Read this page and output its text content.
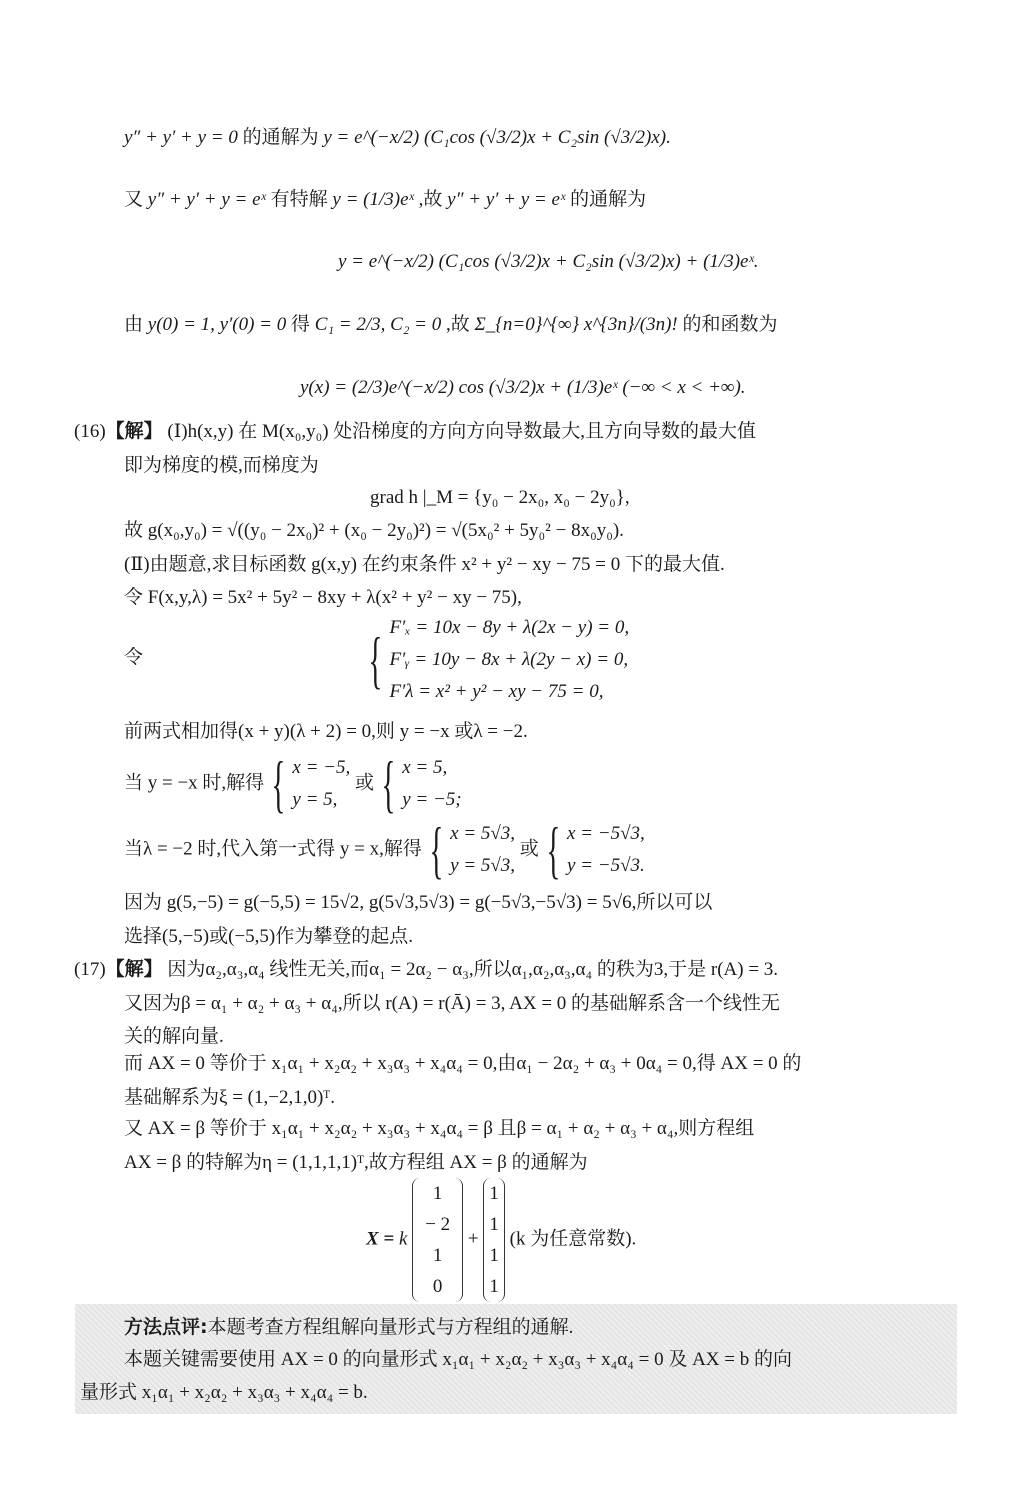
y″ + y′ + y = 0 的通解为 y = e^(−x/2) (C₁cos (√3/2)x + C₂sin (√3/2)x).
又 y″ + y′ + y = eˣ 有特解 y = (1/3)eˣ ,故 y″ + y′ + y = eˣ 的通解为
y = e^(−x/2) (C₁cos (√3/2)x + C₂sin (√3/2)x) + (1/3)eˣ.
由 y(0) = 1, y′(0) = 0 得 C₁ = 2/3, C₂ = 0 ,故 Σ_{n=0}^{∞} x^{3n}/(3n)! 的和函数为
y(x) = (2/3)e^(−x/2) cos (√3/2)x + (1/3)eˣ (−∞ < x < +∞).
(16)【解】 (Ⅰ)h(x,y) 在 M(x₀,y₀) 处沿梯度的方向方向导数最大,且方向导数的最大值
即为梯度的模,而梯度为
grad h |_M = {y₀ − 2x₀, x₀ − 2y₀},
故 g(x₀,y₀) = √((y₀ − 2x₀)² + (x₀ − 2y₀)²) = √(5x₀² + 5y₀² − 8x₀y₀).
(Ⅱ)由题意,求目标函数 g(x,y) 在约束条件 x² + y² − xy − 75 = 0 下的最大值.
令 F(x,y,λ) = 5x² + 5y² − 8xy + λ(x² + y² − xy − 75),
令	{ F′ₓ = 10x − 8y + λ(2x − y) = 0,
F′ᵧ = 10y − 8x + λ(2y − x) = 0,
F′λ = x² + y² − xy − 75 = 0,
前两式相加得(x + y)(λ + 2) = 0,则 y = −x 或λ = −2.
当 y = −x 时,解得 { x = −5,
y = 5,
或 { x = 5,
y = −5;
当λ = −2 时,代入第一式得 y = x,解得 { x = 5√3,
y = 5√3,
或 { x = −5√3,
y = −5√3.
因为 g(5,−5) = g(−5,5) = 15√2, g(5√3,5√3) = g(−5√3,−5√3) = 5√6,所以可以
选择(5,−5)或(−5,5)作为攀登的起点.
(17)【解】 因为α₂,α₃,α₄ 线性无关,而α₁ = 2α₂ − α₃,所以α₁,α₂,α₃,α₄ 的秩为3,于是 r(A) = 3.
又因为β = α₁ + α₂ + α₃ + α₄,所以 r(A) = r(Ā) = 3, AX = 0 的基础解系含一个线性无
关的解向量.
而 AX = 0 等价于 x₁α₁ + x₂α₂ + x₃α₃ + x₄α₄ = 0,由α₁ − 2α₂ + α₃ + 0α₄ = 0,得 AX = 0 的
基础解系为ξ = (1,−2,1,0)ᵀ.
又 AX = β 等价于 x₁α₁ + x₂α₂ + x₃α₃ + x₄α₄ = β 且β = α₁ + α₂ + α₃ + α₄,则方程组
AX = β 的特解为η = (1,1,1,1)ᵀ,故方程组 AX = β 的通解为
X = k
1
− 2
1
0
+
1
1
1
1
(k 为任意常数).
方法点评:本题考查方程组解向量形式与方程组的通解.
本题关键需要使用 AX = 0 的向量形式 x₁α₁ + x₂α₂ + x₃α₃ + x₄α₄ = 0 及 AX = b 的向
量形式 x₁α₁ + x₂α₂ + x₃α₃ + x₄α₄ = b.
